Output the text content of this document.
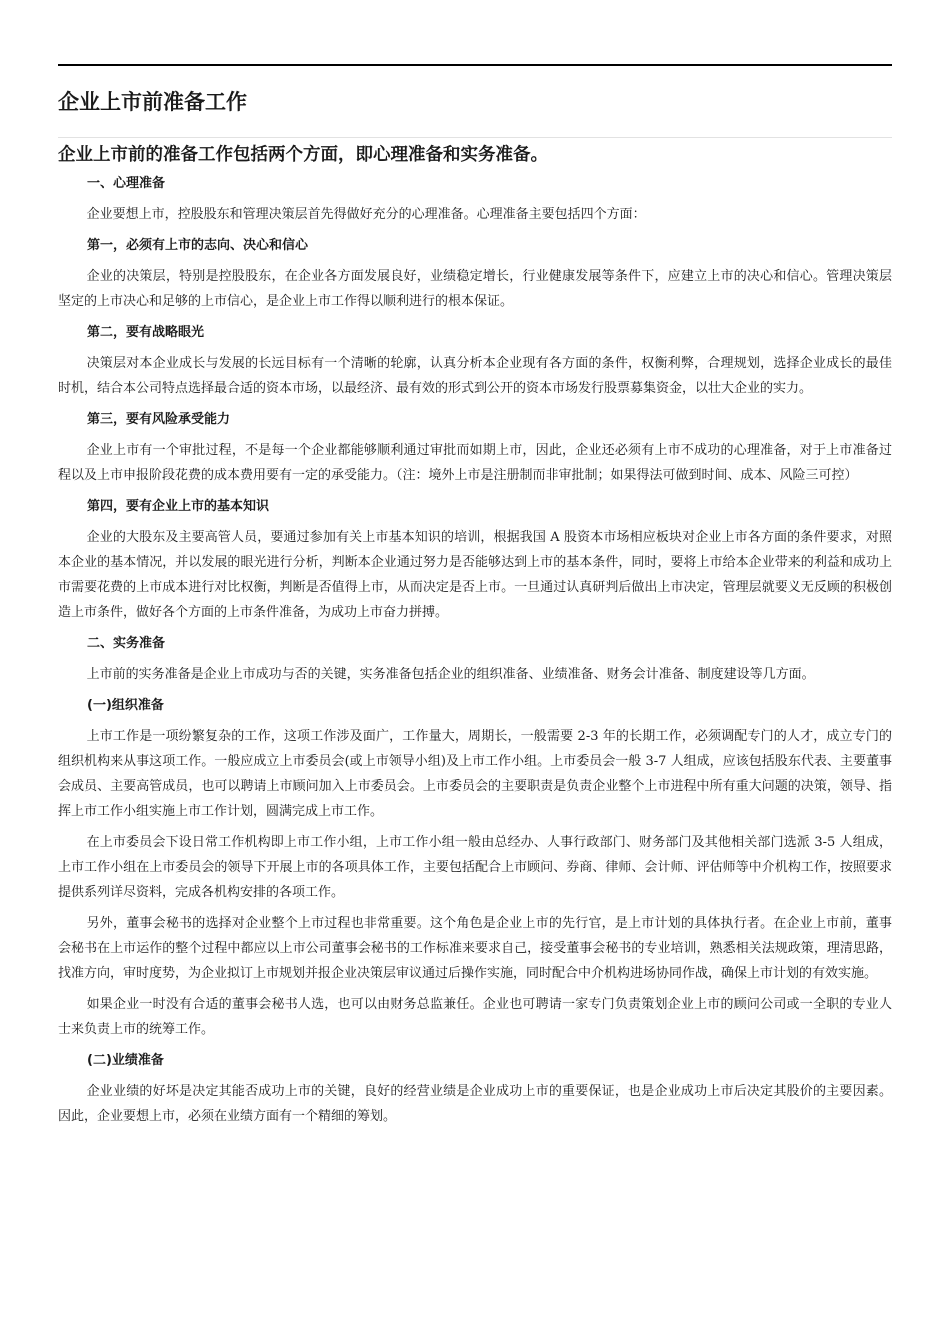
企业上市前准备工作
企业上市前的准备工作包括两个方面，即心理准备和实务准备。
一、心理准备

企业要想上市，控股股东和管理决策层首先得做好充分的心理准备。心理准备主要包括四个方面：

第一，必须有上市的志向、决心和信心

企业的决策层，特别是控股股东，在企业各方面发展良好，业绩稳定增长，行业健康发展等条件下，应建立上市的决心和信心。管理决策层坚定的上市决心和足够的上市信心，是企业上市工作得以顺利进行的根本保证。

第二，要有战略眼光

决策层对本企业成长与发展的长远目标有一个清晰的轮廓，认真分析本企业现有各方面的条件，权衡利弊，合理规划，选择企业成长的最佳时机，结合本公司特点选择最合适的资本市场，以最经济、最有效的形式到公开的资本市场发行股票募集资金，以壮大企业的实力。

第三，要有风险承受能力

企业上市有一个审批过程，不是每一个企业都能够顺利通过审批而如期上市，因此，企业还必须有上市不成功的心理准备，对于上市准备过程以及上市申报阶段花费的成本费用要有一定的承受能力。（注：境外上市是注册制而非审批制；如果得法可做到时间、成本、风险三可控）

第四，要有企业上市的基本知识

企业的大股东及主要高管人员，要通过参加有关上市基本知识的培训，根据我国 A 股资本市场相应板块对企业上市各方面的条件要求，对照本企业的基本情况，并以发展的眼光进行分析，判断本企业通过努力是否能够达到上市的基本条件，同时，要将上市给本企业带来的利益和成功上市需要花费的上市成本进行对比权衡，判断是否值得上市，从而决定是否上市。一旦通过认真研判后做出上市决定，管理层就要义无反顾的积极创造上市条件，做好各个方面的上市条件准备，为成功上市奋力拼搏。

二、实务准备

上市前的实务准备是企业上市成功与否的关键，实务准备包括企业的组织准备、业绩准备、财务会计准备、制度建设等几方面。

(一)组织准备

上市工作是一项纷繁复杂的工作，这项工作涉及面广，工作量大，周期长，一般需要 2-3 年的长期工作，必须调配专门的人才，成立专门的组织机构来从事这项工作。一般应成立上市委员会(或上市领导小组)及上市工作小组。上市委员会一般 3-7 人组成，应该包括股东代表、主要董事会成员、主要高管成员，也可以聘请上市顾问加入上市委员会。上市委员会的主要职责是负责企业整个上市进程中所有重大问题的决策，领导、指挥上市工作小组实施上市工作计划，圆满完成上市工作。

在上市委员会下设日常工作机构即上市工作小组，上市工作小组一般由总经办、人事行政部门、财务部门及其他相关部门选派 3-5 人组成，上市工作小组在上市委员会的领导下开展上市的各项具体工作，主要包括配合上市顾问、券商、律师、会计师、评估师等中介机构工作，按照要求提供系列详尽资料，完成各机构安排的各项工作。

另外，董事会秘书的选择对企业整个上市过程也非常重要。这个角色是企业上市的先行官，是上市计划的具体执行者。在企业上市前，董事会秘书在上市运作的整个过程中都应以上市公司董事会秘书的工作标准来要求自己，接受董事会秘书的专业培训，熟悉相关法规政策，理清思路，找准方向，审时度势，为企业拟订上市规划并报企业决策层审议通过后操作实施，同时配合中介机构进场协同作战，确保上市计划的有效实施。

如果企业一时没有合适的董事会秘书人选，也可以由财务总监兼任。企业也可聘请一家专门负责策划企业上市的顾问公司或一全职的专业人士来负责上市的统筹工作。

(二)业绩准备

企业业绩的好坏是决定其能否成功上市的关键，良好的经营业绩是企业成功上市的重要保证，也是企业成功上市后决定其股价的主要因素。因此，企业要想上市，必须在业绩方面有一个精细的筹划。
